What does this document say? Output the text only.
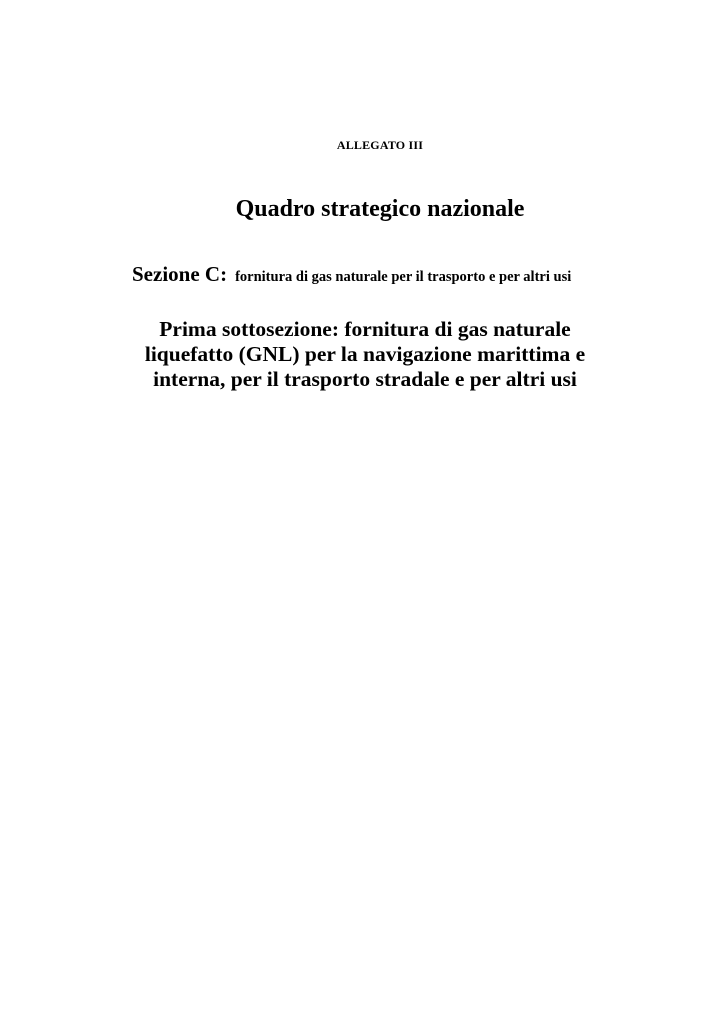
ALLEGATO III
Quadro strategico nazionale
Sezione C: fornitura di gas naturale per il trasporto e per altri usi
Prima sottosezione: fornitura di gas naturale
liquefatto (GNL) per la navigazione marittima e
interna, per il trasporto stradale e per altri usi
